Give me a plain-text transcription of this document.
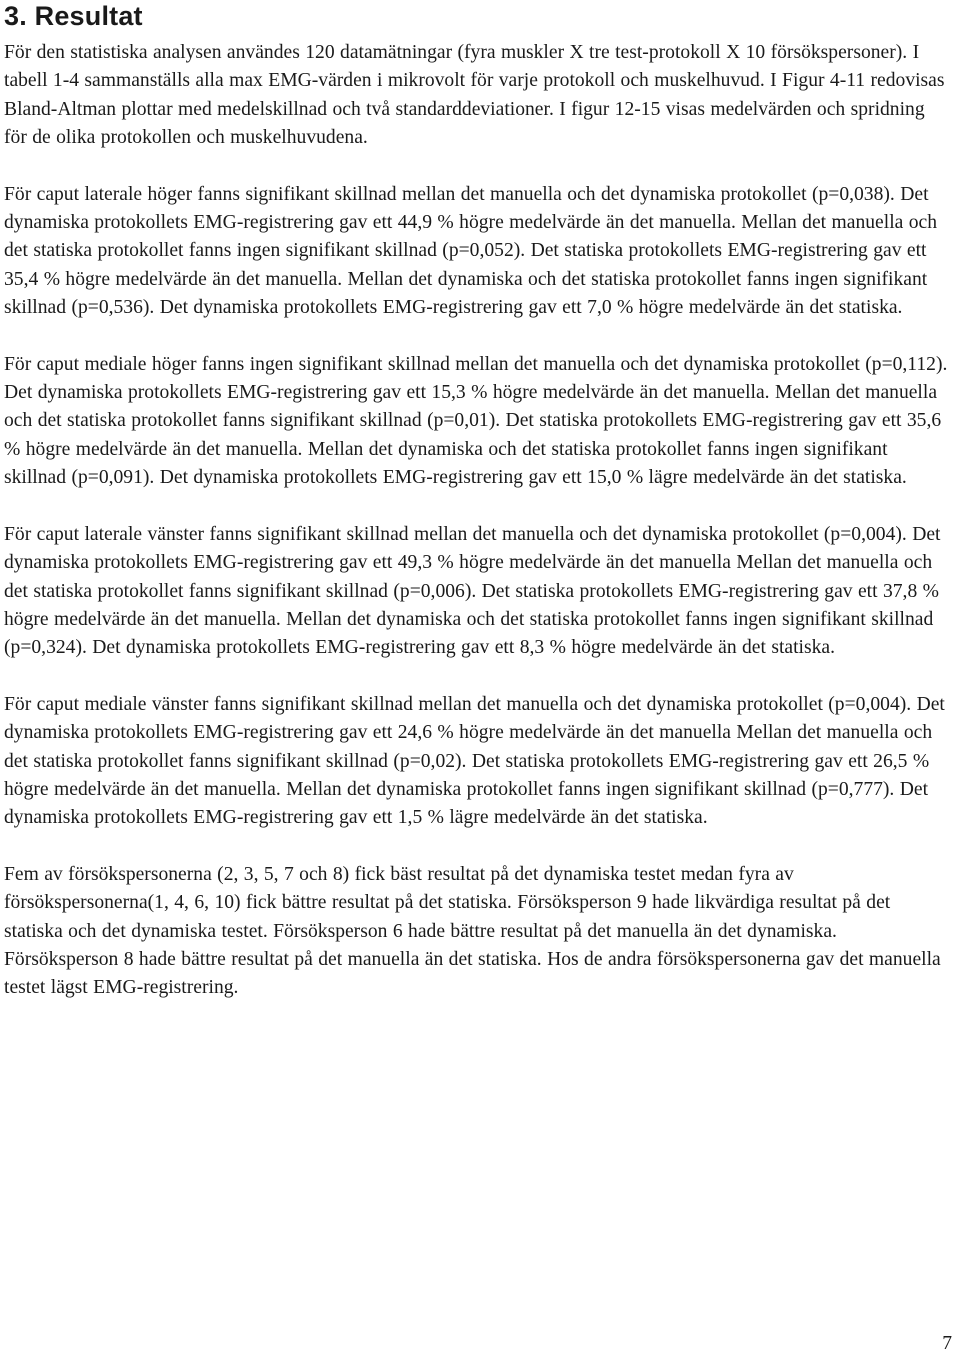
3. Resultat

För den statistiska analysen användes 120 datamätningar (fyra muskler X tre test-protokoll X 10 försökspersoner). I tabell 1-4 sammanställs alla max EMG-värden i mikrovolt för varje protokoll och muskelhuvud. I Figur 4-11 redovisas Bland-Altman plottar med medelskillnad och två standarddeviationer. I figur 12-15 visas medelvärden och spridning för de olika protokollen och muskelhuvudena.

För caput laterale höger fanns signifikant skillnad mellan det manuella och det dynamiska protokollet (p=0,038). Det dynamiska protokollets EMG-registrering gav ett 44,9 % högre medelvärde än det manuella. Mellan det manuella och det statiska protokollet fanns ingen signifikant skillnad (p=0,052). Det statiska protokollets EMG-registrering gav ett 35,4 % högre medelvärde än det manuella. Mellan det dynamiska och det statiska protokollet fanns ingen signifikant skillnad (p=0,536). Det dynamiska protokollets EMG-registrering gav ett 7,0 % högre medelvärde än det statiska.

För caput mediale höger fanns ingen signifikant skillnad mellan det manuella och det dynamiska protokollet (p=0,112). Det dynamiska protokollets EMG-registrering gav ett 15,3 % högre medelvärde än det manuella. Mellan det manuella och det statiska protokollet fanns signifikant skillnad (p=0,01). Det statiska protokollets EMG-registrering gav ett 35,6 % högre medelvärde än det manuella. Mellan det dynamiska och det statiska protokollet fanns ingen signifikant skillnad (p=0,091). Det dynamiska protokollets EMG-registrering gav ett 15,0 % lägre medelvärde än det statiska.

För caput laterale vänster fanns signifikant skillnad mellan det manuella och det dynamiska protokollet (p=0,004). Det dynamiska protokollets EMG-registrering gav ett 49,3 % högre medelvärde än det manuella Mellan det manuella och det statiska protokollet fanns signifikant skillnad (p=0,006). Det statiska protokollets EMG-registrering gav ett 37,8 % högre medelvärde än det manuella. Mellan det dynamiska och det statiska protokollet fanns ingen signifikant skillnad (p=0,324). Det dynamiska protokollets EMG-registrering gav ett 8,3 % högre medelvärde än det statiska.

För caput mediale vänster fanns signifikant skillnad mellan det manuella och det dynamiska protokollet (p=0,004). Det dynamiska protokollets EMG-registrering gav ett 24,6 % högre medelvärde än det manuella Mellan det manuella och det statiska protokollet fanns signifikant skillnad (p=0,02). Det statiska protokollets EMG-registrering gav ett 26,5 % högre medelvärde än det manuella. Mellan det dynamiska protokollet fanns ingen signifikant skillnad (p=0,777). Det dynamiska protokollets EMG-registrering gav ett 1,5 % lägre medelvärde än det statiska.

Fem av försökspersonerna (2, 3, 5, 7 och 8) fick bäst resultat på det dynamiska testet medan fyra av försökspersonerna(1, 4, 6, 10) fick bättre resultat på det statiska. Försöksperson 9 hade likvärdiga resultat på det statiska och det dynamiska testet. Försöksperson 6 hade bättre resultat på det manuella än det dynamiska. Försöksperson 8 hade bättre resultat på det manuella än det statiska. Hos de andra försökspersonerna gav det manuella testet lägst EMG-registrering.

7
